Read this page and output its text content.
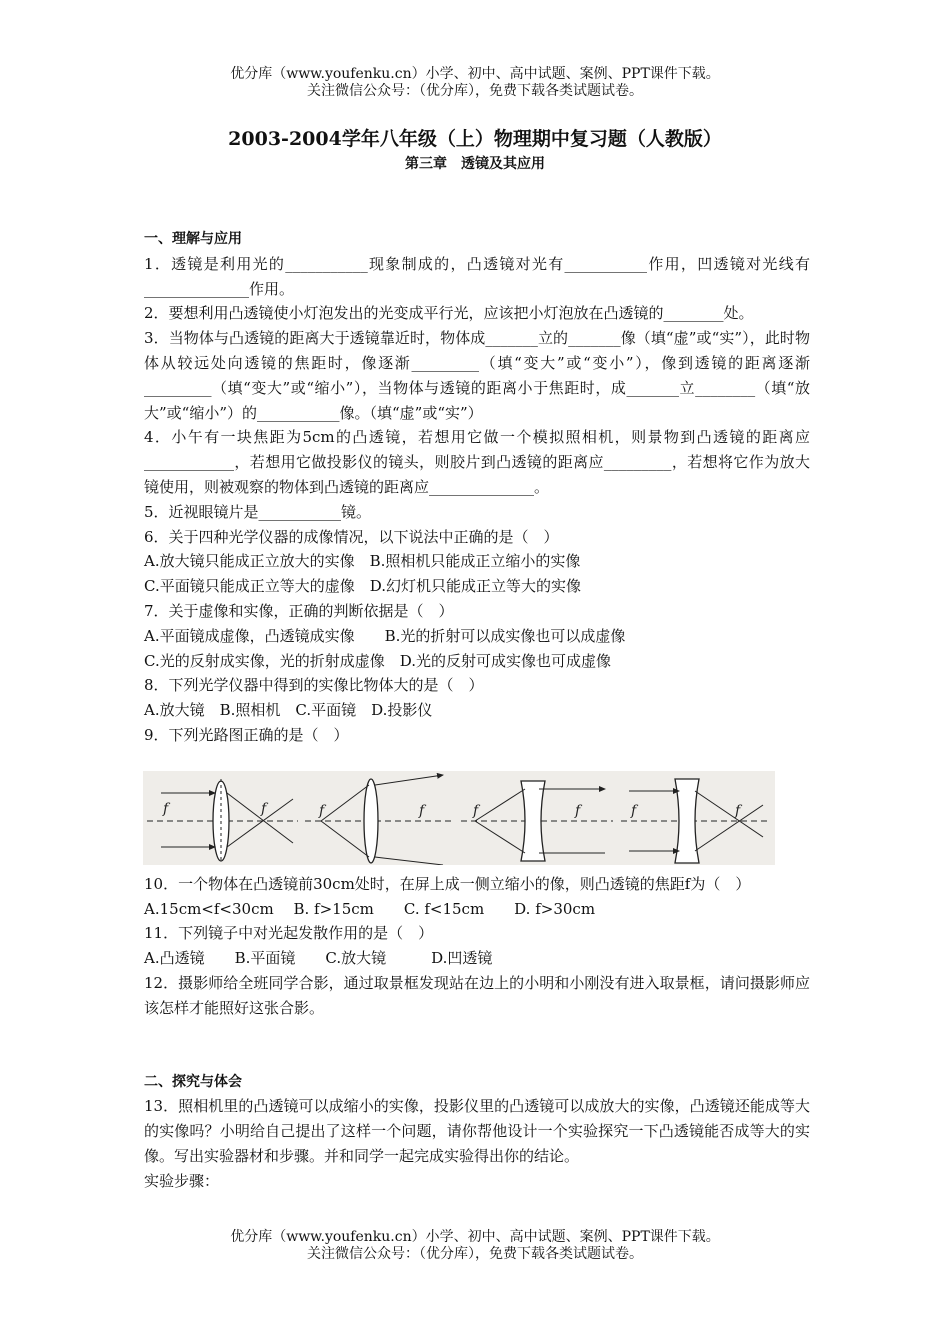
优分库（www.youfenku.cn）小学、初中、高中试题、案例、PPT课件下载。

关注微信公众号：（优分库），免费下载各类试题试卷。

2003-2004学年八年级（上）物理期中复习题（人教版）
第三章　透镜及其应用
一、理解与应用
1．透镜是利用光的___________现象制成的，凸透镜对光有___________作用，凹透镜对光线有______________作用。
2．要想利用凸透镜使小灯泡发出的光变成平行光，应该把小灯泡放在凸透镜的________处。
3．当物体与凸透镜的距离大于透镜靠近时，物体成_______立的_______像（填“虚”或“实”），此时物体从较远处向透镜的焦距时，像逐渐_________（填“变大”或“变小”），像到透镜的距离逐渐_________（填“变大”或“缩小”），当物体与透镜的距离小于焦距时，成_______立________（填“放大”或“缩小”）的___________像。（填“虚”或“实”）
4．小午有一块焦距为5cm的凸透镜，若想用它做一个模拟照相机，则景物到凸透镜的距离应____________，若想用它做投影仪的镜头，则胶片到凸透镜的距离应_________，若想将它作为放大镜使用，则被观察的物体到凸透镜的距离应______________。
5．近视眼镜片是___________镜。
6．关于四种光学仪器的成像情况，以下说法中正确的是（　）
A.放大镜只能成正立放大的实像　B.照相机只能成正立缩小的实像
C.平面镜只能成正立等大的虚像　D.幻灯机只能成正立等大的实像
7．关于虚像和实像，正确的判断依据是（　）
A.平面镜成虚像，凸透镜成实像　　B.光的折射可以成实像也可以成虚像
C.光的反射成实像，光的折射成虚像　D.光的反射可成实像也可成虚像
8．下列光学仪器中得到的实像比物体大的是（　）
A.放大镜　B.照相机　C.平面镜　D.投影仪
9．下列光路图正确的是（　）
10．一个物体在凸透镜前30cm处时，在屏上成一侧立缩小的像，则凸透镜的焦距f为（　）
A.15cm<f<30cm　 B. f>15cm　　C. f<15cm　　D. f>30cm
11．下列镜子中对光起发散作用的是（　）
A.凸透镜　　B.平面镜　　C.放大镜　　　D.凹透镜
12．摄影师给全班同学合影，通过取景框发现站在边上的小明和小刚没有进入取景框，请问摄影师应该怎样才能照好这张合影。
二、探究与体会
13．照相机里的凸透镜可以成缩小的实像，投影仪里的凸透镜可以成放大的实像，凸透镜还能成等大的实像吗？小明给自己提出了这样一个问题，请你帮他设计一个实验探究一下凸透镜能否成等大的实像。写出实验器材和步骤。并和同学一起完成实验得出你的结论。
实验步骤：
f	f	f	f	f	f	f	f

优分库（www.youfenku.cn）小学、初中、高中试题、案例、PPT课件下载。

关注微信公众号：（优分库），免费下载各类试题试卷。
